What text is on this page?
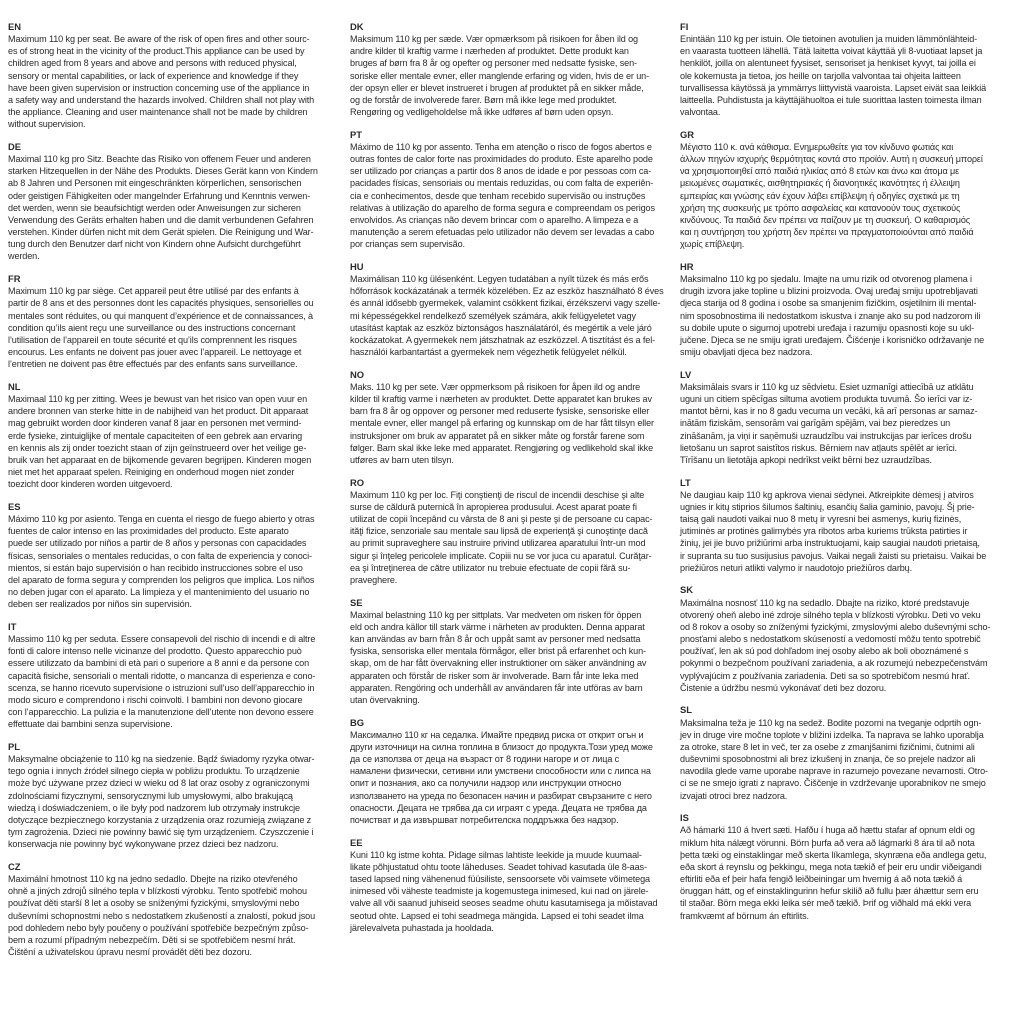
EN
Maximum 110 kg per seat. Be aware of the risk of open fires and other sourc-
es of strong heat in the vicinity of the product.This appliance can be used by
children aged from 8 years and above and persons with reduced physical,
sensory or mental capabilities, or lack of experience and knowledge if they
have been given supervision or instruction concerning use of the appliance in
a safety way and understand the hazards involved. Children shall not play with
the appliance. Cleaning and user maintenance shall not be made by children
without supervision.
DE
Maximal 110 kg pro Sitz. Beachte das Risiko von offenem Feuer und anderen
starken Hitzequellen in der Nähe des Produkts. Dieses Gerät kann von Kindern
ab 8 Jahren und Personen mit eingeschränkten körperlichen, sensorischen
oder geistigen Fähigkeiten oder mangelnder Erfahrung und Kenntnis verwen-
det werden, wenn sie beaufsichtigt werden oder Anweisungen zur sicheren
Verwendung des Geräts erhalten haben und die damit verbundenen Gefahren
verstehen. Kinder dürfen nicht mit dem Gerät spielen. Die Reinigung und War-
tung durch den Benutzer darf nicht von Kindern ohne Aufsicht durchgeführt
werden.
FR
Maximum 110 kg par siège. Cet appareil peut être utilisé par des enfants à
partir de 8 ans et des personnes dont les capacités physiques, sensorielles ou
mentales sont réduites, ou qui manquent d’expérience et de connaissances, à
condition qu’ils aient reçu une surveillance ou des instructions concernant
l’utilisation de l’appareil en toute sécurité et qu’ils comprennent les risques
encourus. Les enfants ne doivent pas jouer avec l’appareil. Le nettoyage et
l’entretien ne doivent pas être effectués par des enfants sans surveillance.
NL
Maximaal 110 kg per zitting. Wees je bewust van het risico van open vuur en
andere bronnen van sterke hitte in de nabijheid van het product. Dit apparaat
mag gebruikt worden door kinderen vanaf 8 jaar en personen met vermind-
erde fysieke, zintuiglijke of mentale capaciteiten of een gebrek aan ervaring
en kennis als zij onder toezicht staan of zijn geïnstrueerd over het veilige ge-
bruik van het apparaat en de bijkomende gevaren begrijpen. Kinderen mogen
niet met het apparaat spelen. Reiniging en onderhoud mogen niet zonder
toezicht door kinderen worden uitgevoerd.
ES
Máximo 110 kg por asiento. Tenga en cuenta el riesgo de fuego abierto y otras
fuentes de calor intenso en las proximidades del producto. Este aparato
puede ser utilizado por niños a partir de 8 años y personas con capacidades
físicas, sensoriales o mentales reducidas, o con falta de experiencia y conoci-
mientos, si están bajo supervisión o han recibido instrucciones sobre el uso
del aparato de forma segura y comprenden los peligros que implica. Los niños
no deben jugar con el aparato. La limpieza y el mantenimiento del usuario no
deben ser realizados por niños sin supervisión.
IT
Massimo 110 kg per seduta. Essere consapevoli del rischio di incendi e di altre
fonti di calore intenso nelle vicinanze del prodotto. Questo apparecchio può
essere utilizzato da bambini di età pari o superiore a 8 anni e da persone con
capacità fisiche, sensoriali o mentali ridotte, o mancanza di esperienza e cono-
scenza, se hanno ricevuto supervisione o istruzioni sull’uso dell’apparecchio in
modo sicuro e comprendono i rischi coinvolti. I bambini non devono giocare
con l’apparecchio. La pulizia e la manutenzione dell’utente non devono essere
effettuate dai bambini senza supervisione.
PL
Maksymalne obciążenie to 110 kg na siedzenie. Bądź świadomy ryzyka otwar-
tego ognia i innych źródeł silnego ciepła w pobliżu produktu. To urządzenie
może być używane przez dzieci w wieku od 8 lat oraz osoby z ograniczonymi
zdolnościami fizycznymi, sensorycznymi lub umysłowymi, albo brakującą
wiedzą i doświadczeniem, o ile były pod nadzorem lub otrzymały instrukcje
dotyczące bezpiecznego korzystania z urządzenia oraz rozumieją związane z
tym zagrożenia. Dzieci nie powinny bawić się tym urządzeniem. Czyszczenie i
konserwacja nie powinny być wykonywane przez dzieci bez nadzoru.
CZ
Maximální hmotnost 110 kg na jedno sedadlo. Dbejte na riziko otevřeného
ohně a jiných zdrojů silného tepla v blízkosti výrobku. Tento spotřebič mohou
používat děti starší 8 let a osoby se sníženými fyzickými, smyslovými nebo
duševními schopnostmi nebo s nedostatkem zkušeností a znalostí, pokud jsou
pod dohledem nebo byly poučeny o používání spotřebiče bezpečným způso-
bem a rozumí případným nebezpečím. Děti si se spotřebičem nesmí hrát.
Čištění a uživatelskou úpravu nesmí provádět děti bez dozoru.
DK
Maksimum 110 kg per sæde. Vær opmærksom på risikoen for åben ild og
andre kilder til kraftig varme i nærheden af produktet. Dette produkt kan
bruges af børn fra 8 år og opefter og personer med nedsatte fysiske, sen-
soriske eller mentale evner, eller manglende erfaring og viden, hvis de er un-
der opsyn eller er blevet instrueret i brugen af produktet på en sikker måde,
og de forstår de involverede farer. Børn må ikke lege med produktet.
Rengøring og vedligeholdelse må ikke udføres af børn uden opsyn.
PT
Máximo de 110 kg por assento. Tenha em atenção o risco de fogos abertos e
outras fontes de calor forte nas proximidades do produto. Este aparelho pode
ser utilizado por crianças a partir dos 8 anos de idade e por pessoas com ca-
pacidades físicas, sensoriais ou mentais reduzidas, ou com falta de experiên-
cia e conhecimentos, desde que tenham recebido supervisão ou instruções
relativas à utilização do aparelho de forma segura e compreendam os perigos
envolvidos. As crianças não devem brincar com o aparelho. A limpeza e a
manutenção a serem efetuadas pelo utilizador não devem ser levadas a cabo
por crianças sem supervisão.
HU
Maximálisan 110 kg ülésenként. Legyen tudatában a nyílt tüzek és más erős
hőforrások kockázatának a termék közelében. Ez az eszköz használható 8 éves
és annál idősebb gyermekek, valamint csökkent fizikai, érzékszervi vagy szelle-
mi képességekkel rendelkező személyek számára, akik felügyeletet vagy
utasítást kaptak az eszköz biztonságos használatáról, és megértik a vele járó
kockázatokat. A gyermekek nem játszhatnak az eszközzel. A tisztítást és a fel-
használói karbantartást a gyermekek nem végezhetik felügyelet nélkül.
NO
Maks. 110 kg per sete. Vær oppmerksom på risikoen for åpen ild og andre
kilder til kraftig varme i nærheten av produktet. Dette apparatet kan brukes av
barn fra 8 år og oppover og personer med reduserte fysiske, sensoriske eller
mentale evner, eller mangel på erfaring og kunnskap om de har fått tilsyn eller
instruksjoner om bruk av apparatet på en sikker måte og forstår farene som
følger. Barn skal ikke leke med apparatet. Rengjøring og vedlikehold skal ikke
utføres av barn uten tilsyn.
RO
Maximum 110 kg per loc. Fiţi conştienţi de riscul de incendii deschise şi alte
surse de căldură puternică în apropierea produsului. Acest aparat poate fi
utilizat de copii începând cu vârsta de 8 ani şi peste şi de persoane cu capac-
ităţi fizice, senzoriale sau mentale sau lipsă de experienţă şi cunoştinţe dacă
au primit supraveghere sau instruire privind utilizarea aparatului într-un mod
sigur şi înţeleg pericolele implicate. Copiii nu se vor juca cu aparatul. Curăţar-
ea şi întreţinerea de către utilizator nu trebuie efectuate de copii fără su-
praveghere.
SE
Maximal belastning 110 kg per sittplats. Var medveten om risken för öppen
eld och andra källor till stark värme i närheten av produkten. Denna apparat
kan användas av barn från 8 år och uppåt samt av personer med nedsatta
fysiska, sensoriska eller mentala förmågor, eller brist på erfarenhet och kun-
skap, om de har fått övervakning eller instruktioner om säker användning av
apparaten och förstår de risker som är involverade. Barn får inte leka med
apparaten. Rengöring och underhåll av användaren får inte utföras av barn
utan övervakning.
BG
Максимално 110 кг на седалка. Имайте предвид риска от открит огън и
други източници на силна топлина в близост до продукта.Този уред може
да се използва от деца на възраст от 8 години нагоре и от лица с
намалени физически, сетивни или умствени способности или с липса на
опит и познания, ако са получили надзор или инструкции относно
използването на уреда по безопасен начин и разбират свързаните с него
опасности. Децата не трябва да си играят с уреда. Децата не трябва да
почистват и да извършват потребителска поддръжка без надзор.
EE
Kuni 110 kg istme kohta. Pidage silmas lahtiste leekide ja muude kuumaal-
likate põhjustatud ohtu toote läheduses. Seadet tohivad kasutada üle 8-aas-
tased lapsed ning vähenenud füüsiliste, sensoorsete või vaimsete võimetega
inimesed või väheste teadmiste ja kogemustega inimesed, kui nad on järele-
valve all või saanud juhiseid seoses seadme ohutu kasutamisega ja mõistavad
seotud ohte. Lapsed ei tohi seadmega mängida. Lapsed ei tohi seadet ilma
järelevalveta puhastada ja hooldada.
FI
Enintään 110 kg per istuin. Ole tietoinen avotulien ja muiden lämmönlähteid-
en vaarasta tuotteen lähellä. Tätä laitetta voivat käyttää yli 8-vuotiaat lapset ja
henkilöt, joilla on alentuneet fyysiset, sensoriset ja henkiset kyvyt, tai joilla ei
ole kokemusta ja tietoa, jos heille on tarjolla valvontaa tai ohjeita laitteen
turvallisessa käytössä ja ymmärrys liittyvistä vaaroista. Lapset eivät saa leikkiä
laitteella. Puhdistusta ja käyttäjähuoltoa ei tule suorittaa lasten toimesta ilman
valvontaa.
GR
Μέγιστο 110 κ. ανά κάθισμα. Ενημερωθείτε για τον κίνδυνο φωτιάς και
άλλων πηγών ισχυρής θερμότητας κοντά στο προϊόν. Αυτή η συσκευή μπορεί
να χρησιμοποιηθεί από παιδιά ηλικίας από 8 ετών και άνω και άτομα με
μειωμένες σωματικές, αισθητηριακές ή διανοητικές ικανότητες ή έλλειψη
εμπειρίας και γνώσης εάν έχουν λάβει επίβλεψη ή οδηγίες σχετικά με τη
χρήση της συσκευής με τρόπο ασφαλείας και κατανοούν τους σχετικούς
κινδύνους. Τα παιδιά δεν πρέπει να παίζουν με τη συσκευή. Ο καθαρισμός
και η συντήρηση του χρήστη δεν πρέπει να πραγματοποιούνται από παιδιά
χωρίς επίβλεψη.
HR
Maksimalno 110 kg po sjedalu. Imajte na umu rizik od otvorenog plamena i
drugih izvora jake topline u blizini proizvoda. Ovaj uređaj smiju upotrebljavati
djeca starija od 8 godina i osobe sa smanjenim fizičkim, osjetilnim ili mental-
nim sposobnostima ili nedostatkom iskustva i znanje ako su pod nadzorom ili
su dobile upute o sigurnoj upotrebi uređaja i razumiju opasnosti koje su ukl-
jučene. Djeca se ne smiju igrati uređajem. Čišćenje i korisničko održavanje ne
smiju obavljati djeca bez nadzora.
LV
Maksimālais svars ir 110 kg uz sēdvietu. Esiet uzmanīgi attiecībā uz atklātu
uguni un citiem spēcīgas siltuma avotiem produkta tuvumā. Šo ierīci var iz-
mantot bērni, kas ir no 8 gadu vecuma un vecāki, kā arī personas ar samaz-
inātām fiziskām, sensorām vai garīgām spējām, vai bez pieredzes un
zināšanām, ja viņi ir saņēmuši uzraudzību vai instrukcijas par ierīces drošu
lietošanu un saprot saistītos riskus. Bērniem nav atļauts spēlēt ar ierīci.
Tīrīšanu un lietotāja apkopi nedrīkst veikt bērni bez uzraudzības.
LT
Ne daugiau kaip 110 kg apkrova vienai sėdynei. Atkreipkite dėmesį į atviros
ugnies ir kitų stiprios šilumos šaltinių, esančių šalia gaminio, pavojų. Šį prie-
taisą gali naudoti vaikai nuo 8 metų ir vyresni bei asmenys, kurių fizinės,
jutiminės ar protinės galimybės yra ribotos arba kuriems trūksta patirties ir
žinių, jei jie buvo prižiūrimi arba instruktuojami, kaip saugiai naudoti prietaisą,
ir supranta su tuo susijusius pavojus. Vaikai negali žaisti su prietaisu. Vaikai be
priežiūros neturi atlikti valymo ir naudotojo priežiūros darbų.
SK
Maximálna nosnosť 110 kg na sedadlo. Dbajte na riziko, ktoré predstavuje
otvorený oheň alebo iné zdroje silného tepla v blízkosti výrobku. Deti vo veku
od 8 rokov a osoby so zníženými fyzickými, zmyslovými alebo duševnými scho-
pnosťami alebo s nedostatkom skúseností a vedomostí môžu tento spotrebič
používať, len ak sú pod dohľadom inej osoby alebo ak boli oboznámené s
pokynmi o bezpečnom používaní zariadenia, a ak rozumejú nebezpečenstvám
vyplývajúcim z používania zariadenia. Deti sa so spotrebičom nesmú hrať.
Čistenie a údržbu nesmú vykonávať deti bez dozoru.
SL
Maksimalna teža je 110 kg na sedež. Bodite pozorni na tveganje odprtih ogn-
jev in druge vire močne toplote v bližini izdelka. Ta naprava se lahko uporablja
za otroke, stare 8 let in več, ter za osebe z zmanjšanimi fizičnimi, čutnimi ali
duševnimi sposobnostmi ali brez izkušenj in znanja, če so prejele nadzor ali
navodila glede varne uporabe naprave in razumejo povezane nevarnosti. Otro-
ci se ne smejo igrati z napravo. Čiščenje in vzdrževanje uporabnikov ne smejo
izvajati otroci brez nadzora.
IS
Að hámarki 110 á hvert sæti. Hafðu í huga að hættu stafar af opnum eldi og
miklum hita nálægt vörunni. Börn þurfa að vera að lágmarki 8 ára til að nota
þetta tæki og einstaklingar með skerta líkamlega, skynræna eða andlega getu,
eða skort á reynslu og þekkingu, mega nota tækið ef þeir eru undir viðeigandi
eftirliti eða ef þeir hafa fengið leiðbeiningar um hvernig á að nota tækið á
öruggan hátt, og ef einstaklingurinn hefur skilið að fullu þær áhættur sem eru
til staðar. Börn mega ekki leika sér með tækið. Þrif og viðhald má ekki vera
framkvæmt af börnum án eftirlits.
